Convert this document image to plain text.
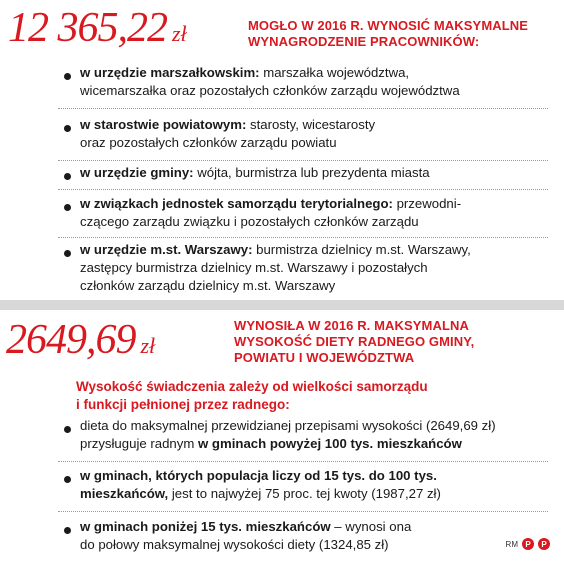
12 365,22 zł	MOGŁO W 2016 R. WYNOSIĆ MAKSYMALNE
WYNAGRODZENIE PRACOWNIKÓW:
w urzędzie marszałkowskim: marszałka województwa,
wicemarszałka oraz pozostałych członków zarządu województwa
w starostwie powiatowym: starosty, wicestarosty
oraz pozostałych członków zarządu powiatu
w urzędzie gminy: wójta, burmistrza lub prezydenta miasta
w związkach jednostek samorządu terytorialnego: przewodni-
czącego zarządu związku i pozostałych członków zarządu
w urzędzie m.st. Warszawy: burmistrza dzielnicy m.st. Warszawy,
zastępcy burmistrza dzielnicy m.st. Warszawy i pozostałych
członków zarządu dzielnicy m.st. Warszawy
2649,69 zł
WYNOSIŁA W 2016 R. MAKSYMALNA
WYSOKOŚĆ DIETY RADNEGO GMINY,
POWIATU I WOJEWÓDZTWA
Wysokość świadczenia zależy od wielkości samorządu
i funkcji pełnionej przez radnego:
dieta do maksymalnej przewidzianej przepisami wysokości (2649,69 zł)
przysługuje radnym w gminach powyżej 100 tys. mieszkańców
w gminach, których populacja liczy od 15 tys. do 100 tys.
mieszkańców, jest to najwyżej 75 proc. tej kwoty (1987,27 zł)
w gminach poniżej 15 tys. mieszkańców – wynosi ona
do połowy maksymalnej wysokości diety (1324,85 zł)	RM P	P
